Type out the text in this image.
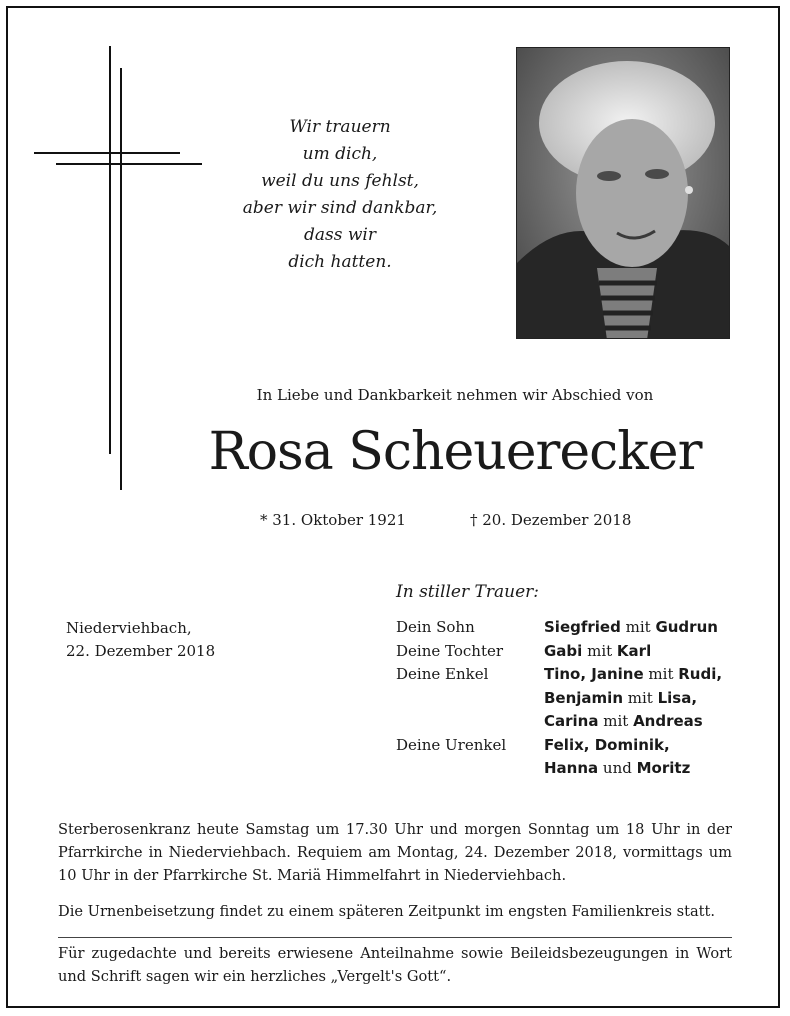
Wir trauern
um dich,
weil du uns fehlst,
aber wir sind dankbar,
dass wir
dich hatten.
In Liebe und Dankbarkeit nehmen wir Abschied von
Rosa Scheuerecker
* 31. Oktober 1921	† 20. Dezember 2018
In stiller Trauer:
Niederviehbach,
22. Dezember 2018
Dein Sohn	Siegfried mit Gudrun
Deine Tochter	Gabi mit Karl
Deine Enkel	Tino, Janine mit Rudi,
Benjamin mit Lisa,
Carina mit Andreas
Deine Urenkel	Felix, Dominik,
Hanna und Moritz
Sterberosenkranz heute Samstag um 17.30 Uhr und morgen Sonntag um 18 Uhr in der Pfarrkirche in Niederviehbach. Requiem am Montag, 24. Dezember 2018, vormittags um 10 Uhr in der Pfarrkirche St. Mariä Himmelfahrt in Niederviehbach.
Die Urnenbeisetzung findet zu einem späteren Zeitpunkt im engsten Familienkreis statt.
Für zugedachte und bereits erwiesene Anteilnahme sowie Beileidsbezeugungen in Wort und Schrift sagen wir ein herzliches „Vergelt's Gott“.
